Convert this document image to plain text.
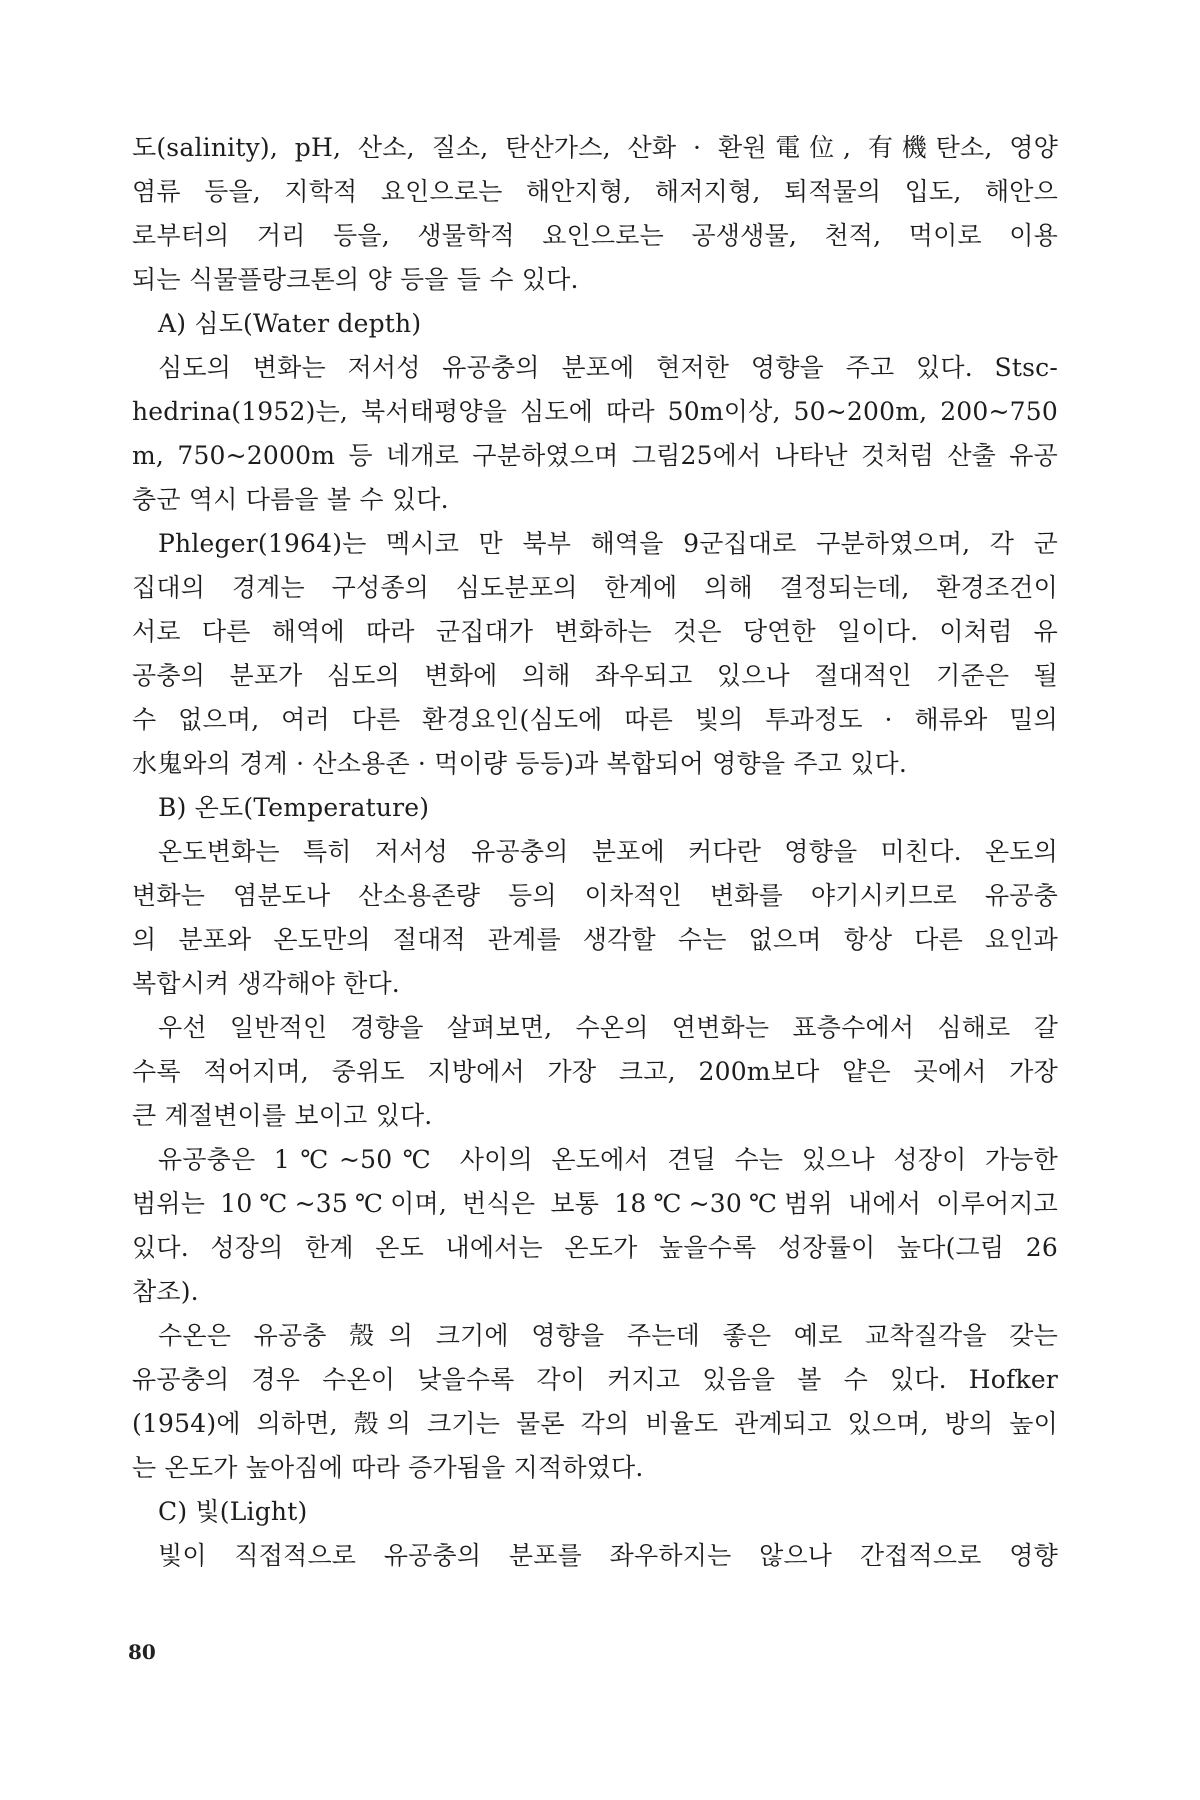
도(salinity), pH, 산소, 질소, 탄산가스, 산화 · 환원電位, 有機탄소, 영양
염류 등을, 지학적 요인으로는 해안지형, 해저지형, 퇴적물의 입도, 해안으
로부터의 거리 등을, 생물학적 요인으로는 공생생물, 천적, 먹이로 이용
되는 식물플랑크톤의 양 등을 들 수 있다.
A) 심도(Water depth)
심도의 변화는 저서성 유공충의 분포에 현저한 영향을 주고 있다. Stsc-
hedrina(1952)는, 북서태평양을 심도에 따라 50m이상, 50~200m, 200~750
m, 750~2000m 등 네개로 구분하였으며 그림25에서 나타난 것처럼 산출 유공
충군 역시 다름을 볼 수 있다.
Phleger(1964)는 멕시코 만 북부 해역을 9군집대로 구분하였으며, 각 군
집대의 경계는 구성종의 심도분포의 한계에 의해 결정되는데, 환경조건이
서로 다른 해역에 따라 군집대가 변화하는 것은 당연한 일이다. 이처럼 유
공충의 분포가 심도의 변화에 의해 좌우되고 있으나 절대적인 기준은 될
수 없으며, 여러 다른 환경요인(심도에 따른 빛의 투과정도 · 해류와 밀의
水鬼와의 경계 · 산소용존 · 먹이량 등등)과 복합되어 영향을 주고 있다.
B) 온도(Temperature)
온도변화는 특히 저서성 유공충의 분포에 커다란 영향을 미친다. 온도의
변화는 염분도나 산소용존량 등의 이차적인 변화를 야기시키므로 유공충
의 분포와 온도만의 절대적 관계를 생각할 수는 없으며 항상 다른 요인과
복합시켜 생각해야 한다.
우선 일반적인 경향을 살펴보면, 수온의 연변화는 표층수에서 심해로 갈
수록 적어지며, 중위도 지방에서 가장 크고, 200m보다 얕은 곳에서 가장
큰 계절변이를 보이고 있다.
유공충은 1℃~50℃ 사이의 온도에서 견딜 수는 있으나 성장이 가능한
범위는 10℃~35℃이며, 번식은 보통 18℃~30℃범위 내에서 이루어지고
있다. 성장의 한계 온도 내에서는 온도가 높을수록 성장률이 높다(그림 26
참조).
수온은 유공충 殼의 크기에 영향을 주는데 좋은 예로 교착질각을 갖는
유공충의 경우 수온이 낮을수록 각이 커지고 있음을 볼 수 있다. Hofker
(1954)에 의하면, 殼의 크기는 물론 각의 비율도 관계되고 있으며, 방의 높이
는 온도가 높아짐에 따라 증가됨을 지적하였다.
C) 빛(Light)
빛이 직접적으로 유공충의 분포를 좌우하지는 않으나 간접적으로 영향
80
